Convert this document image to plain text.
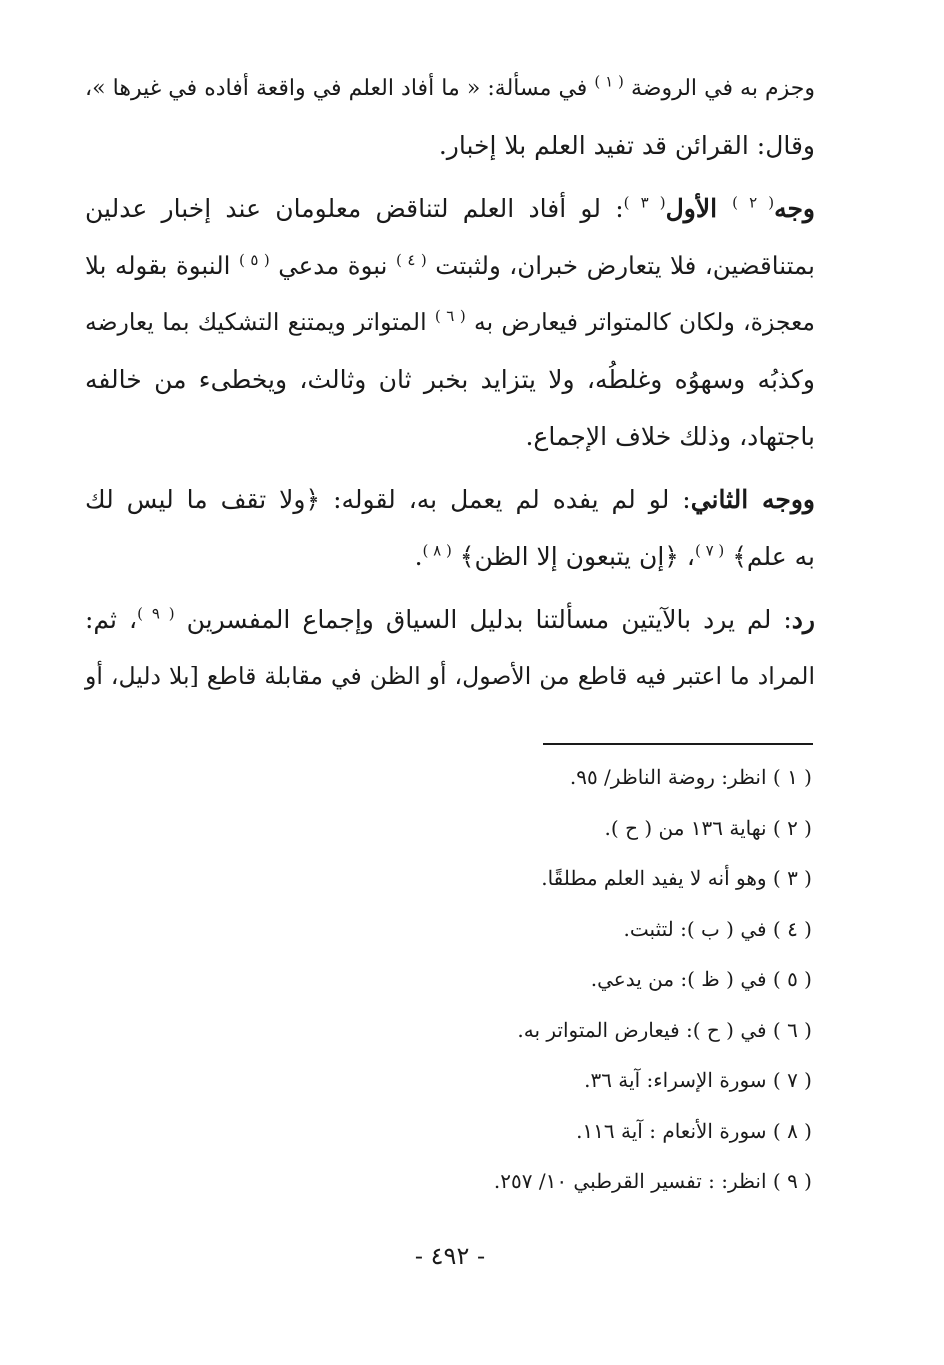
وجزم به في الروضة $^{( ١ )}$ في مسألة: « ما أفاد العلم في واقعة أفاده في غيرها »،
وقال: القرائن قد تفيد العلم بلا إخبار.

وجه$^{( ٢ )}$ الأول$^{( ٣ )}$: لو أفاد العلم لتناقض معلومان عند إخبار عدلين
بمتناقضين، فلا يتعارض خبران، ولثبتت $^{( ٤ )}$ نبوة مدعي $^{( ٥ )}$ النبوة بقوله بلا
معجزة، ولكان كالمتواتر فيعارض به $^{( ٦ )}$ المتواتر ويمتنع التشكيك بما يعارضه
وكذبُه وسهوُه وغلطُه، ولا يتزايد بخبر ثان وثالث، ويخطىء من خالفه
باجتهاد، وذلك خلاف الإجماع.

ووجه الثاني: لو لم يفده لم يعمل به، لقوله: ﴿ولا تقف ما ليس لك
به علم﴾ $^{( ٧ )}$، ﴿إن يتبعون إلا الظن﴾ $^{( ٨ )}$.

رد: لم يرد بالآيتين مسألتنا بدليل السياق وإجماع المفسرين $^{( ٩ )}$، ثم:
المراد ما اعتبر فيه قاطع من الأصول، أو الظن في مقابلة قاطع [بلا دليل، أو

( ١ ) انظر: روضة الناظر/ ٩٥.
( ٢ ) نهاية ١٣٦ من ( ح ).
( ٣ ) وهو أنه لا يفيد العلم مطلقًا.
( ٤ ) في ( ب ): لتثبت.
( ٥ ) في ( ظ ): من يدعي.
( ٦ ) في ( ح ): فيعارض المتواتر به.
( ٧ ) سورة الإسراء: آية ٣٦.
( ٨ ) سورة الأنعام : آية ١١٦.
( ٩ ) انظر: : تفسير القرطبي ١٠/ ٢٥٧.
- ٤٩٢ -
